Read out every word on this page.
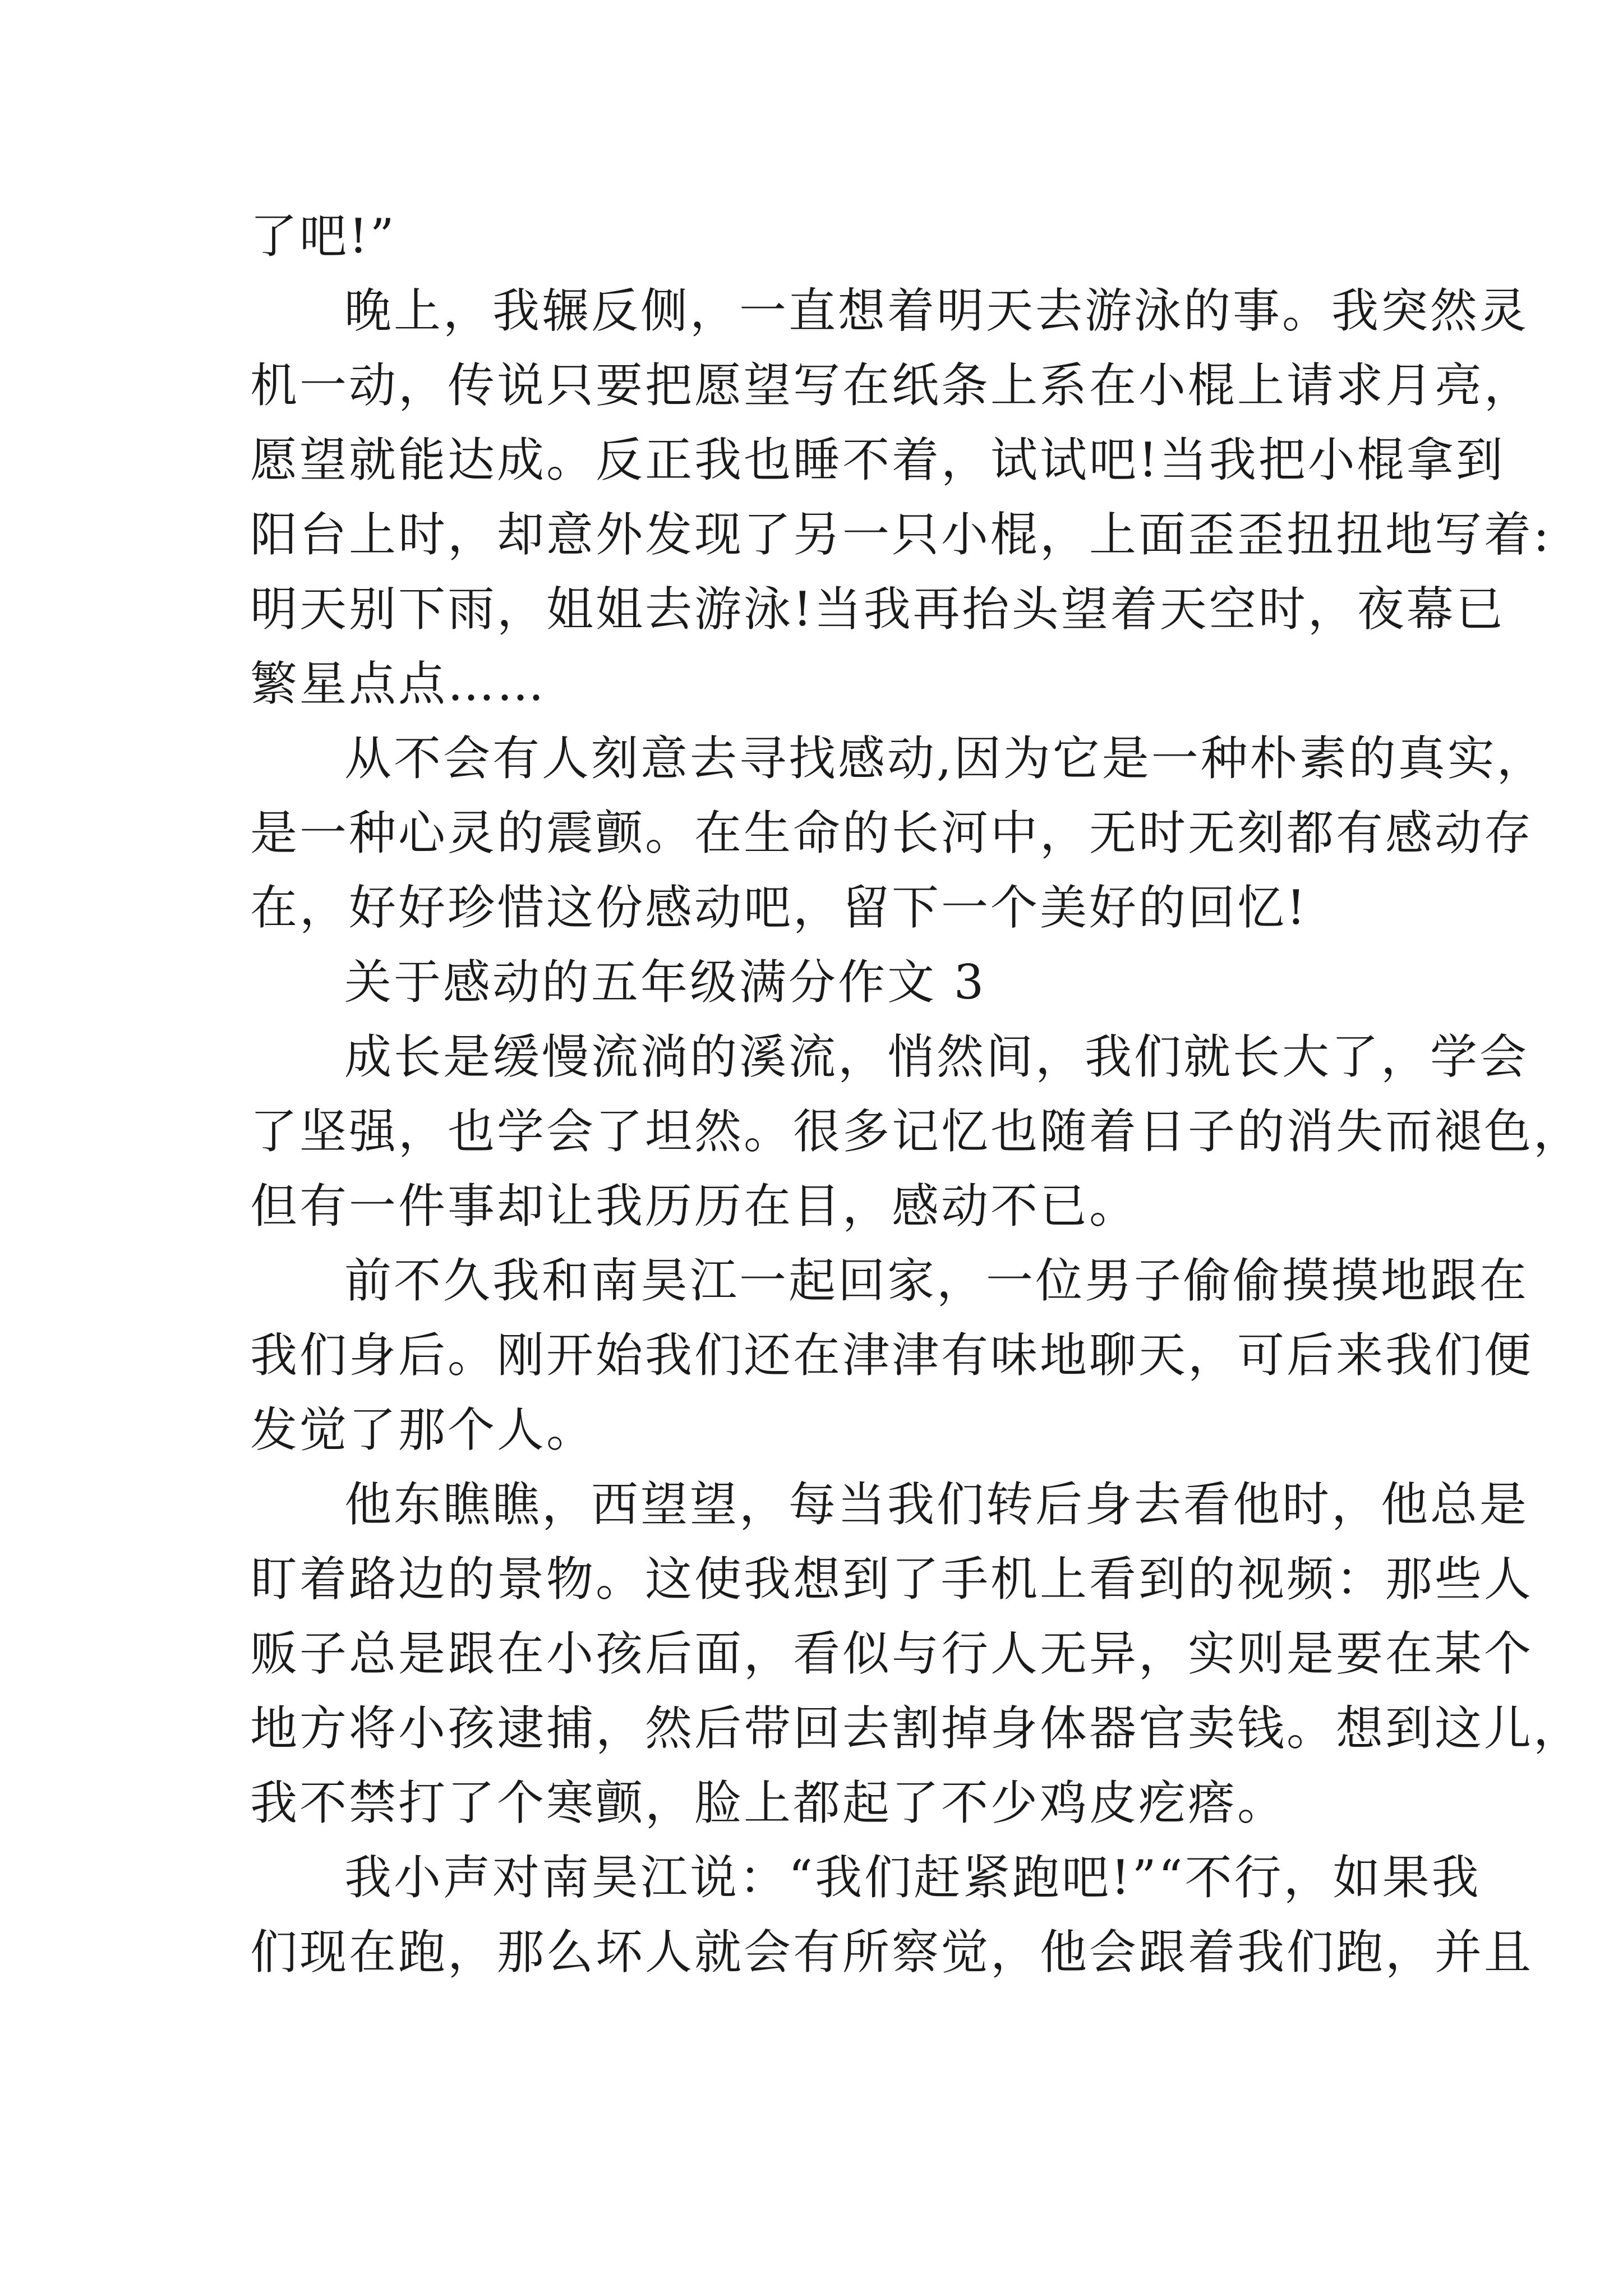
了吧!”
晚上，我辗反侧，一直想着明天去游泳的事。我突然灵
机一动，传说只要把愿望写在纸条上系在小棍上请求月亮，
愿望就能达成。反正我也睡不着，试试吧!当我把小棍拿到
阳台上时，却意外发现了另一只小棍，上面歪歪扭扭地写着:
明天别下雨，姐姐去游泳!当我再抬头望着天空时，夜幕已
繁星点点……
从不会有人刻意去寻找感动,因为它是一种朴素的真实，
是一种心灵的震颤。在生命的长河中，无时无刻都有感动存
在，好好珍惜这份感动吧，留下一个美好的回忆!
关于感动的五年级满分作文 3
成长是缓慢流淌的溪流，悄然间，我们就长大了，学会
了坚强，也学会了坦然。很多记忆也随着日子的消失而褪色，
但有一件事却让我历历在目，感动不已。
前不久我和南昊江一起回家，一位男子偷偷摸摸地跟在
我们身后。刚开始我们还在津津有味地聊天，可后来我们便
发觉了那个人。
他东瞧瞧，西望望，每当我们转后身去看他时，他总是
盯着路边的景物。这使我想到了手机上看到的视频：那些人
贩子总是跟在小孩后面，看似与行人无异，实则是要在某个
地方将小孩逮捕，然后带回去割掉身体器官卖钱。想到这儿，
我不禁打了个寒颤，脸上都起了不少鸡皮疙瘩。
我小声对南昊江说：“我们赶紧跑吧!”“不行，如果我
们现在跑，那么坏人就会有所察觉，他会跟着我们跑，并且
